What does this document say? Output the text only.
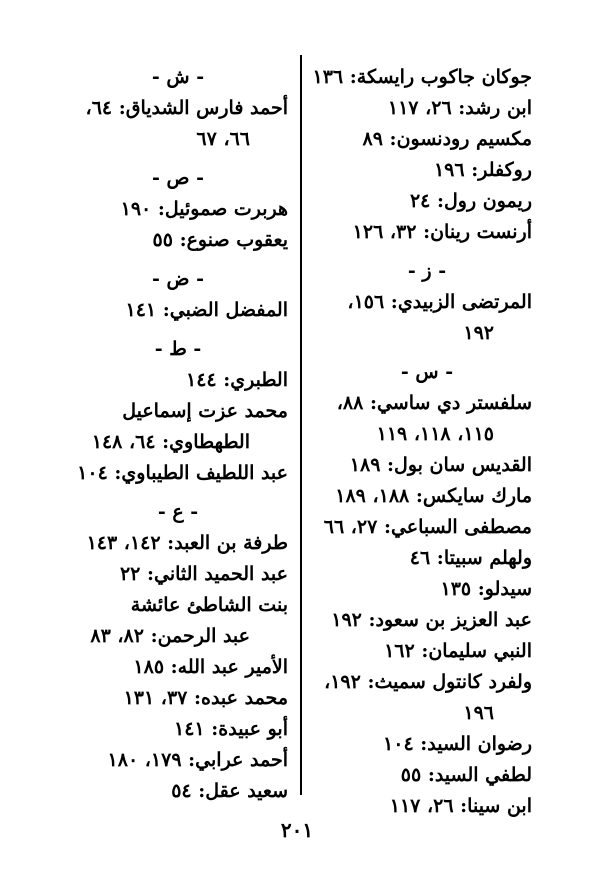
جوكان جاكوب رايسكة: ١٣٦
ابن رشد: ٢٦، ١١٧
مكسيم رودنسون: ٨٩
روكفلر: ١٩٦
ريمون رول: ٢٤
أرنست رينان: ٣٢، ١٢٦
- ز -
المرتضى الزبيدي: ١٥٦،
١٩٢
- س -
سلفستر دي ساسي: ٨٨،
١١٥، ١١٨، ١١٩
القديس سان بول: ١٨٩
مارك سايكس: ١٨٨، ١٨٩
مصطفى السباعي: ٢٧، ٦٦
ولهلم سبيتا: ٤٦
سيدلو: ١٣٥
عبد العزيز بن سعود: ١٩٢
النبي سليمان: ١٦٢
ولفرد كانتول سميث: ١٩٢،
١٩٦
رضوان السيد: ١٠٤
لطفي السيد: ٥٥
ابن سينا: ٢٦، ١١٧
- ش -
أحمد فارس الشدياق: ٦٤،
٦٦، ٦٧
- ص -
هربرت صموئيل: ١٩٠
يعقوب صنوع: ٥٥
- ض -
المفضل الضبي: ١٤١
- ط -
الطبري: ١٤٤
محمد عزت إسماعيل
الطهطاوي: ٦٤، ١٤٨
عبد اللطيف الطيباوي: ١٠٤
- ع -
طرفة بن العبد: ١٤٢، ١٤٣
عبد الحميد الثاني: ٢٢
بنت الشاطئ عائشة
عبد الرحمن: ٨٢، ٨٣
الأمير عبد الله: ١٨٥
محمد عبده: ٣٧، ١٣١
أبو عبيدة: ١٤١
أحمد عرابي: ١٧٩، ١٨٠
سعيد عقل: ٥٤
٢٠١
